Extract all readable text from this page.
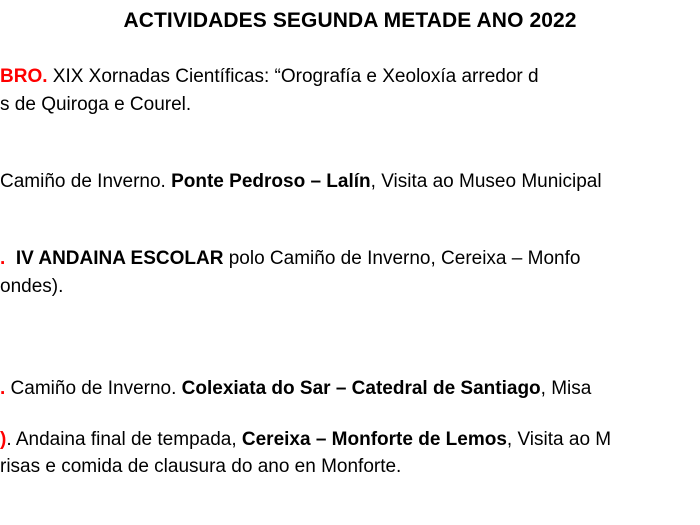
ACTIVIDADES SEGUNDA METADE ANO 2022
BRO. XIX Xornadas Científicas: “Orografía e Xeoloxía arredor d
s de Quiroga e Courel.
Camiño de Inverno. Ponte Pedroso – Lalín, Visita ao Museo Municipal
. IV ANDAINA ESCOLAR polo Camiño de Inverno, Cereixa – Monfo
ondes).
. Camiño de Inverno. Colexiata do Sar – Catedral de Santiago, Misa
). Andaina final de tempada, Cereixa – Monforte de Lemos, Visita ao M
risas e comida de clausura do ano en Monforte.
